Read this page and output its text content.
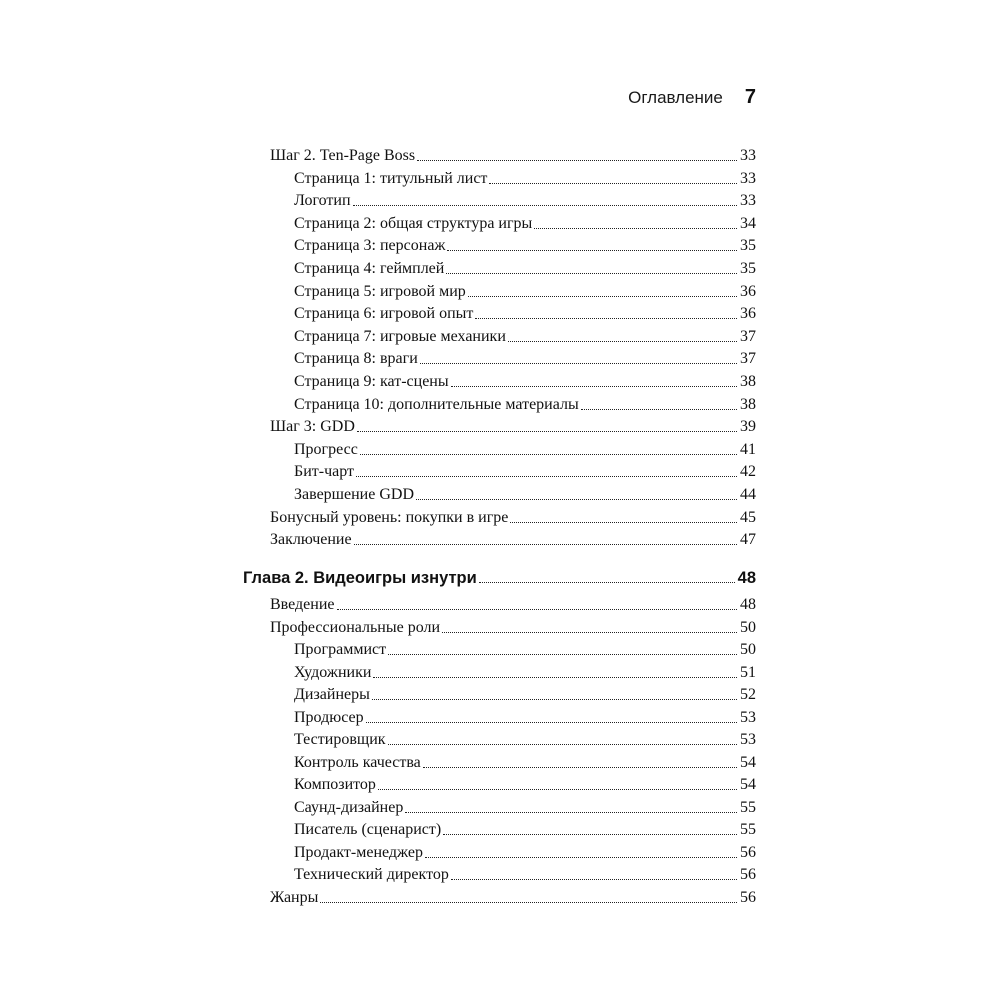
Оглавление 7
Шаг 2. Ten-Page Boss	33
Страница 1: титульный лист	33
Логотип	33
Страница 2: общая структура игры	34
Страница 3: персонаж	35
Страница 4: геймплей	35
Страница 5: игровой мир	36
Страница 6: игровой опыт	36
Страница 7: игровые механики	37
Страница 8: враги	37
Страница 9: кат-сцены	38
Страница 10: дополнительные материалы	38
Шаг 3: GDD	39
Прогресс	41
Бит-чарт	42
Завершение GDD	44
Бонусный уровень: покупки в игре	45
Заключение	47
Глава 2. Видеоигры изнутри	48
Введение	48
Профессиональные роли	50
Программист	50
Художники	51
Дизайнеры	52
Продюсер	53
Тестировщик	53
Контроль качества	54
Композитор	54
Саунд-дизайнер	55
Писатель (сценарист)	55
Продакт-менеджер	56
Технический директор	56
Жанры	56
